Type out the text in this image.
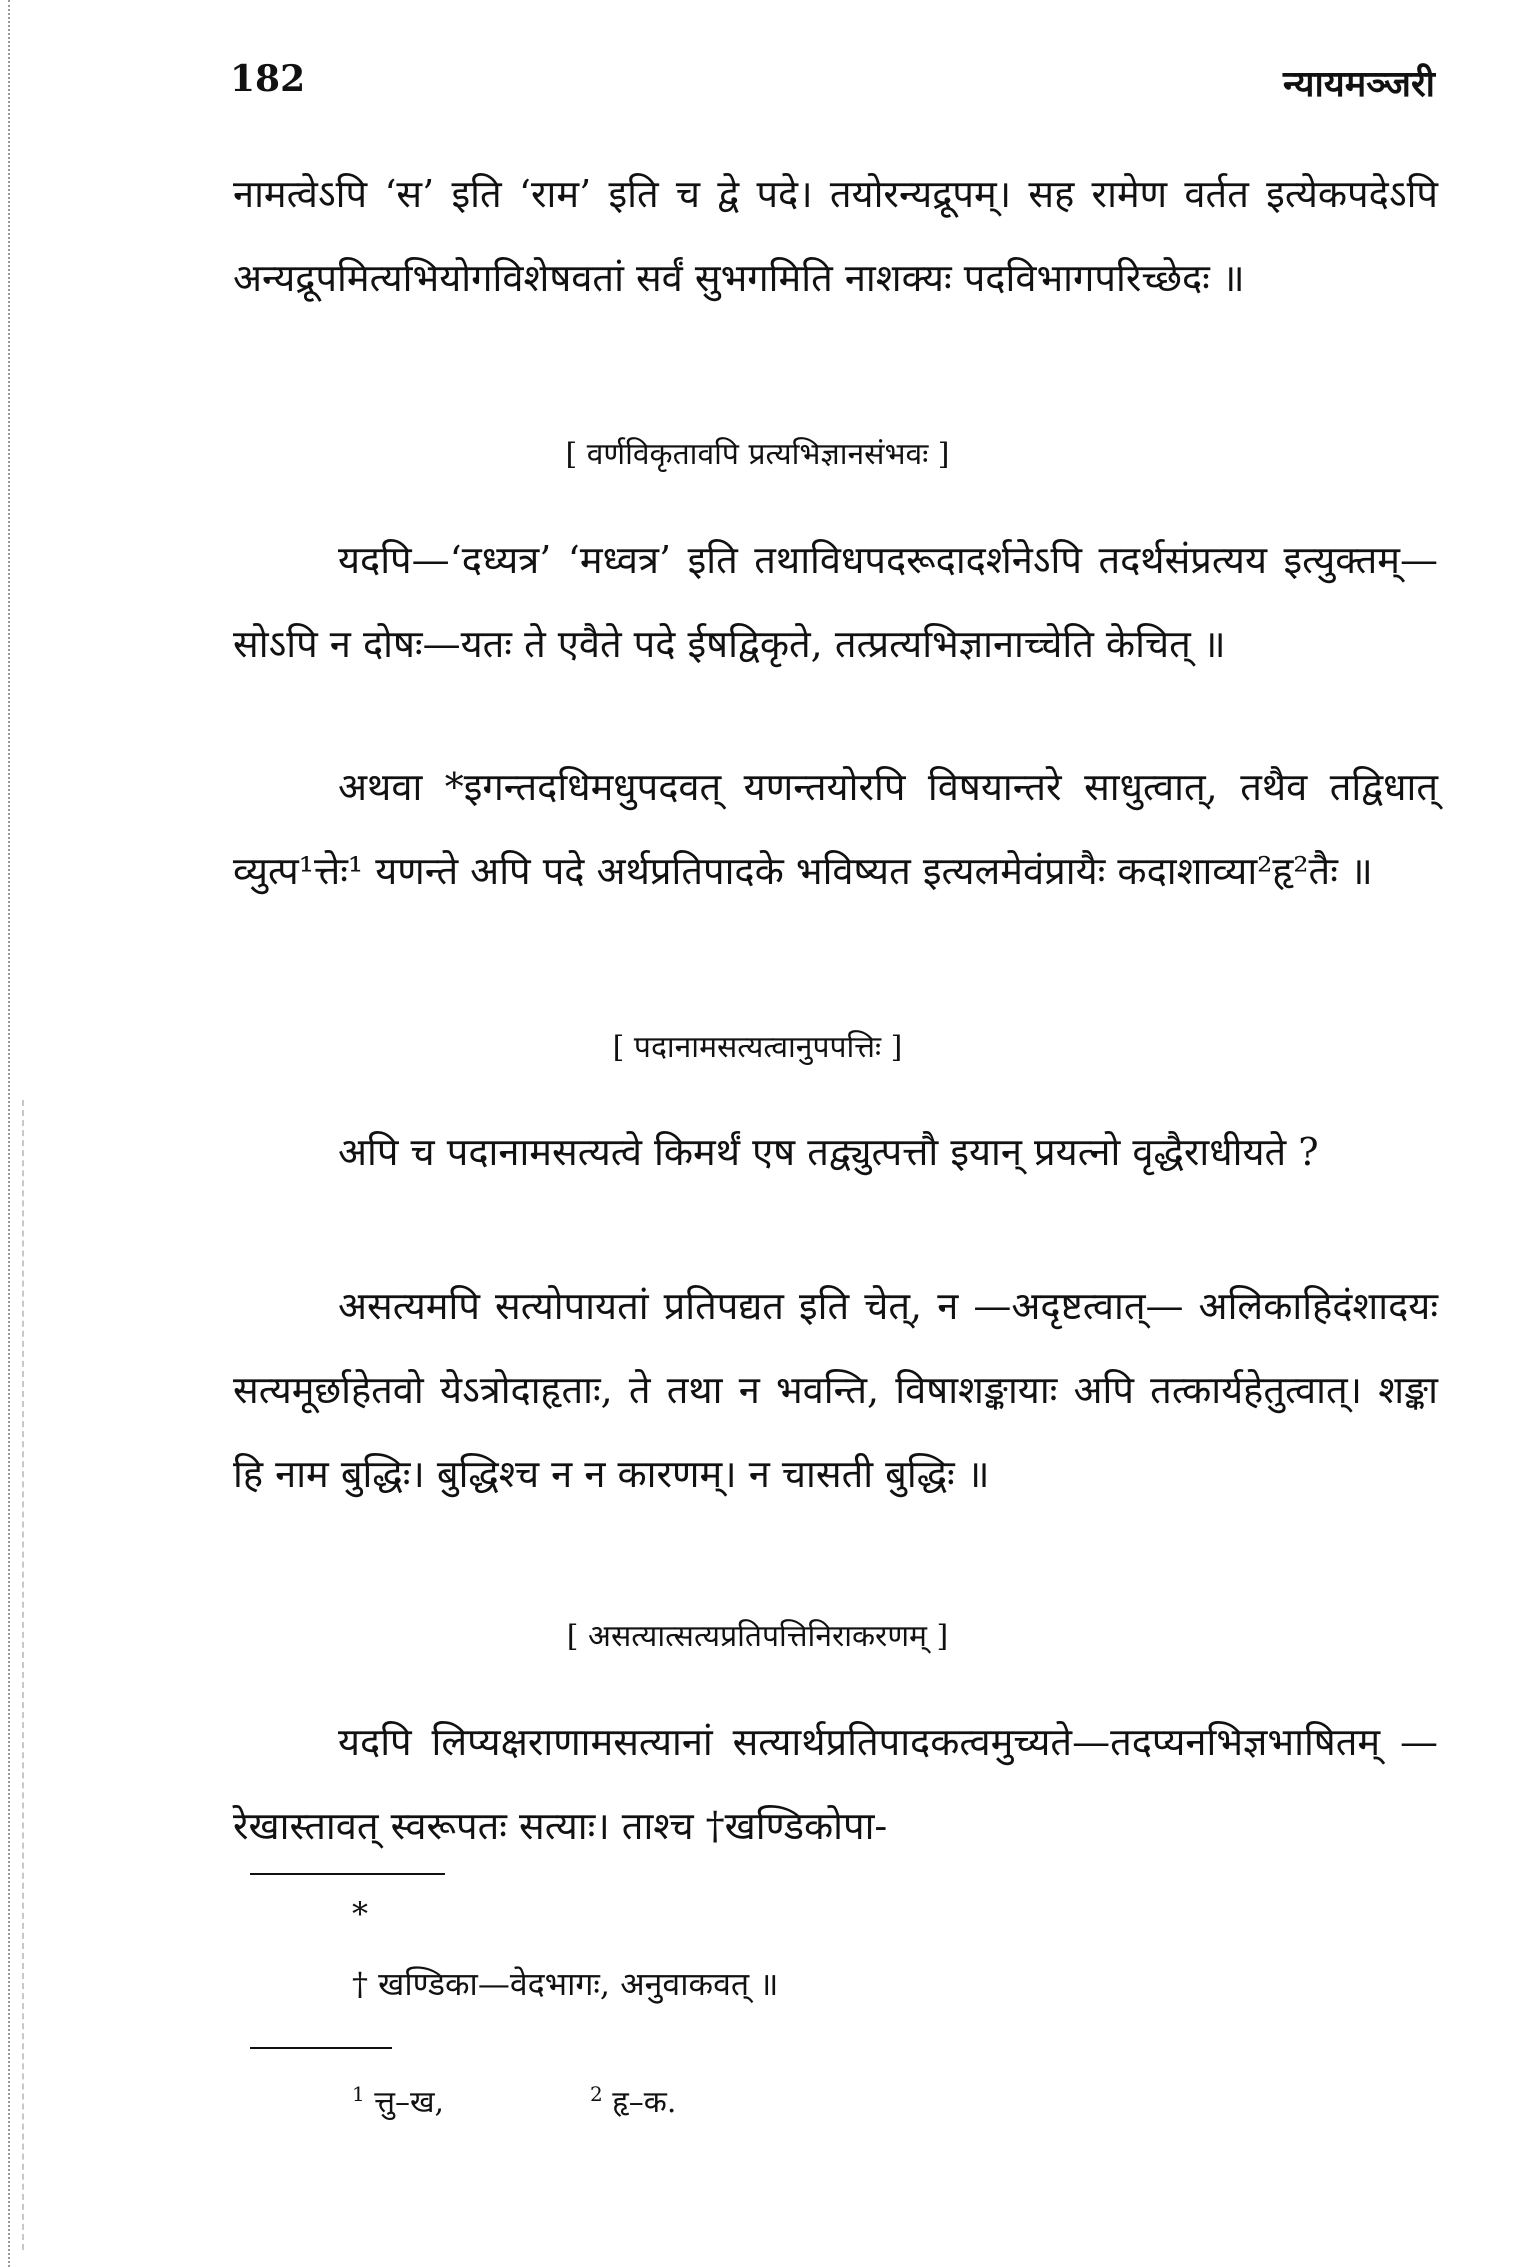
182	न्यायमञ्जरी

नामत्वेऽपि ‘स’ इति ‘राम’ इति च द्वे पदे। तयोरन्यद्रूपम्। सह रामेण वर्तत इत्येकपदेऽपि अन्यद्रूपमित्यभियोगविशेषवतां सर्वं सुभगमिति नाशक्यः पदविभागपरिच्छेदः ॥

[ वर्णविकृतावपि प्रत्यभिज्ञानसंभवः ]

यदपि—‘दध्यत्र’ ‘मध्वत्र’ इति तथाविधपदरूदादर्शनेऽपि तदर्थसंप्रत्यय इत्युक्तम्—सोऽपि न दोषः—यतः ते एवैते पदे ईषद्विकृते, तत्प्रत्यभिज्ञानाच्चेति केचित् ॥

अथवा *इगन्तदधिमधुपदवत् यणन्तयोरपि विषयान्तरे साधुत्वात्, तथैव तद्विधात् व्युत्प¹त्तेः¹ यणन्ते अपि पदे अर्थप्रतिपादके भविष्यत इत्यलमेवंप्रायैः कदाशाव्या²हृ²तैः ॥

[ पदानामसत्यत्वानुपपत्तिः ]

अपि च पदानामसत्यत्वे किमर्थं एष तद्व्युत्पत्तौ इयान् प्रयत्नो वृद्धैराधीयते ?

असत्यमपि सत्योपायतां प्रतिपद्यत इति चेत्, न —अदृष्टत्वात्— अलिकाहिदंशादयः सत्यमूर्छाहेतवो येऽत्रोदाहृताः, ते तथा न भवन्ति, विषाशङ्कायाः अपि तत्कार्यहेतुत्वात्। शङ्का हि नाम बुद्धिः। बुद्धिश्च न न कारणम्। न चासती बुद्धिः ॥

[ असत्यात्सत्यप्रतिपत्तिनिराकरणम् ]

यदपि लिप्यक्षराणामसत्यानां सत्यार्थप्रतिपादकत्वमुच्यते—तदप्यनभिज्ञभाषितम् — रेखास्तावत् स्वरूपतः सत्याः। ताश्च †खण्डिकोपा-

*

† खण्डिका—वेदभागः, अनुवाकवत् ॥

$^1$ त्तु–ख,	$^2$ हृ–क.
